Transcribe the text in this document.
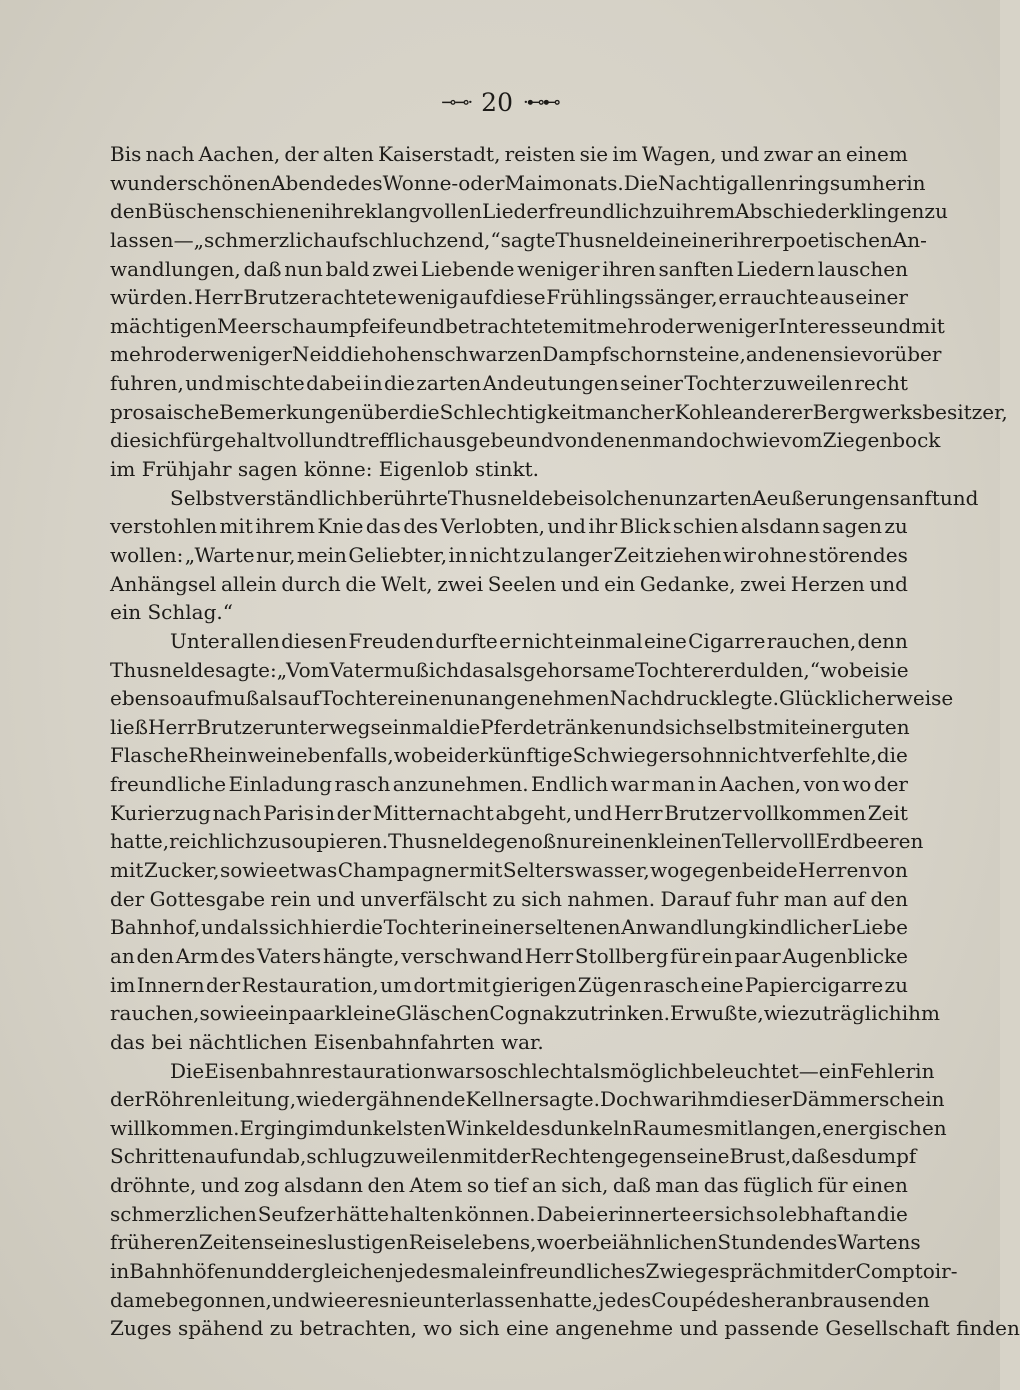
⊸⊸· 20 ·⊷⊷
Bis nach Aachen, der alten Kaiserstadt, reisten sie im Wagen, und zwar an einem
wunderschönen Abende des Wonne- oder Maimonats. Die Nachtigallen ringsumher in
den Büschen schienen ihre klangvollen Lieder freundlich zu ihrem Abschied erklingen zu
lassen — „schmerzlich aufschluchzend,“ sagte Thusnelde in einer ihrer poetischen An-
wandlungen, daß nun bald zwei Liebende weniger ihren sanften Liedern lauschen
würden. Herr Brutzer achtete wenig auf diese Frühlingssänger, er rauchte aus einer
mächtigen Meerschaumpfeife und betrachtete mit mehr oder weniger Interesse und mit
mehr oder weniger Neid die hohen schwarzen Dampfschornsteine, an denen sie vorüber
fuhren, und mischte dabei in die zarten Andeutungen seiner Tochter zuweilen recht
prosaische Bemerkungen über die Schlechtigkeit mancher Kohle anderer Bergwerksbesitzer,
die sich für gehaltvoll und trefflich ausgebe und von denen man doch wie vom Ziegenbock
im
Frühjahr
sagen
könne:
Eigenlob
stinkt.
Selbstverständlich berührte Thusnelde bei solchen unzarten Aeußerungen sanft und
verstohlen mit ihrem Knie das des Verlobten, und ihr Blick schien alsdann sagen zu
wollen: „Warte nur, mein Geliebter, in nicht zu langer Zeit ziehen wir ohne störendes
Anhängsel allein durch die Welt, zwei Seelen und ein Gedanke, zwei Herzen und
ein
Schlag.“
Unter allen diesen Freuden durfte er nicht einmal eine Cigarre rauchen, denn
Thusnelde sagte: „Vom Vater muß ich das als gehorsame Tochter erdulden,“ wobei sie
ebenso auf muß als auf Tochter einen unangenehmen Nachdruck legte. Glücklicherweise
ließ Herr Brutzer unterwegs einmal die Pferde tränken und sich selbst mit einer guten
Flasche Rheinwein ebenfalls, wobei der künftige Schwiegersohn nicht verfehlte, die
freundliche Einladung rasch anzunehmen. Endlich war man in Aachen, von wo der
Kurierzug nach Paris in der Mitternacht abgeht, und Herr Brutzer vollkommen Zeit
hatte, reichlich zu soupieren. Thusnelde genoß nur einen kleinen Teller voll Erdbeeren
mit Zucker, sowie etwas Champagner mit Selterswasser, wogegen beide Herren von
der Gottesgabe rein und unverfälscht zu sich nahmen. Darauf fuhr man auf den
Bahnhof, und als sich hier die Tochter in einer seltenen Anwandlung kindlicher Liebe
an den Arm des Vaters hängte, verschwand Herr Stollberg für ein paar Augenblicke
im Innern der Restauration, um dort mit gierigen Zügen rasch eine Papiercigarre zu
rauchen, sowie ein paar kleine Gläschen Cognak zu trinken. Er wußte, wie zuträglich ihm
das
bei
nächtlichen
Eisenbahnfahrten
war.
Die Eisenbahnrestauration war so schlecht als möglich beleuchtet — ein Fehler in
der Röhrenleitung, wie der gähnende Kellner sagte. Doch war ihm dieser Dämmerschein
willkommen. Er ging im dunkelsten Winkel des dunkeln Raumes mit langen, energischen
Schritten auf und ab, schlug zuweilen mit der Rechten gegen seine Brust, daß es dumpf
dröhnte, und zog alsdann den Atem so tief an sich, daß man das füglich für einen
schmerzlichen Seufzer hätte halten können. Dabei erinnerte er sich so lebhaft an die
früheren Zeiten seines lustigen Reiselebens, wo er bei ähnlichen Stunden des Wartens
in Bahnhöfen und dergleichen jedesmal ein freundliches Zwiegespräch mit der Comptoir-
dame begonnen, und wie er es nie unterlassen hatte, jedes Coupé des heranbrausenden
Zuges
spähend
zu
betrachten,
wo
sich
eine
angenehme
und
passende
Gesellschaft
finden
